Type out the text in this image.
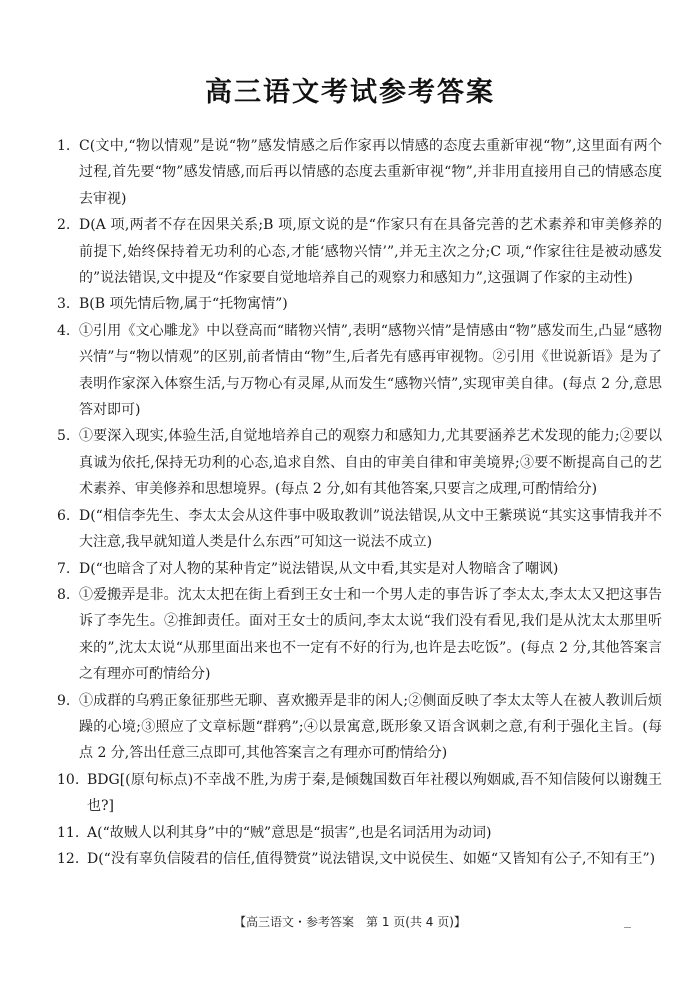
高三语文考试参考答案
1. C(文中,“物以情观”是说“物”感发情感之后作家再以情感的态度去重新审视“物”,这里面有两个过程,首先要“物”感发情感,而后再以情感的态度去重新审视“物”,并非用直接用自己的情感态度去审视)
2. D(A 项,两者不存在因果关系;B 项,原文说的是“作家只有在具备完善的艺术素养和审美修养的前提下,始终保持着无功利的心态,才能‘感物兴情’”,并无主次之分;C 项,“作家往往是被动感发的”说法错误,文中提及“作家要自觉地培养自己的观察力和感知力”,这强调了作家的主动性)
3. B(B 项先情后物,属于“托物寓情”)
4. ①引用《文心雕龙》中以登高而“睹物兴情”,表明“感物兴情”是情感由“物”感发而生,凸显“感物兴情”与“物以情观”的区别,前者情由“物”生,后者先有感再审视物。②引用《世说新语》是为了表明作家深入体察生活,与万物心有灵犀,从而发生“感物兴情”,实现审美自律。(每点 2 分,意思答对即可)
5. ①要深入现实,体验生活,自觉地培养自己的观察力和感知力,尤其要涵养艺术发现的能力;②要以真诚为依托,保持无功利的心态,追求自然、自由的审美自律和审美境界;③要不断提高自己的艺术素养、审美修养和思想境界。(每点 2 分,如有其他答案,只要言之成理,可酌情给分)
6. D(“相信李先生、李太太会从这件事中吸取教训”说法错误,从文中王紫瑛说“其实这事情我并不大注意,我早就知道人类是什么东西”可知这一说法不成立)
7. D(“也暗含了对人物的某种肯定”说法错误,从文中看,其实是对人物暗含了嘲讽)
8. ①爱搬弄是非。沈太太把在街上看到王女士和一个男人走的事告诉了李太太,李太太又把这事告诉了李先生。②推卸责任。面对王女士的质问,李太太说“我们没有看见,我们是从沈太太那里听来的”,沈太太说“从那里面出来也不一定有不好的行为,也许是去吃饭”。(每点 2 分,其他答案言之有理亦可酌情给分)
9. ①成群的乌鸦正象征那些无聊、喜欢搬弄是非的闲人;②侧面反映了李太太等人在被人教训后烦躁的心境;③照应了文章标题“群鸦”;④以景寓意,既形象又语含讽刺之意,有利于强化主旨。(每点 2 分,答出任意三点即可,其他答案言之有理亦可酌情给分)
10. BDG[(原句标点)不幸战不胜,为虏于秦,是倾魏国数百年社稷以殉姻戚,吾不知信陵何以谢魏王也?]
11. A(“故贼人以利其身”中的“贼”意思是“损害”,也是名词活用为动词)
12. D(“没有辜负信陵君的信任,值得赞赏”说法错误,文中说侯生、如姬“又皆知有公子,不知有王”)
【高三语文・参考答案　第 1 页(共 4 页)】
